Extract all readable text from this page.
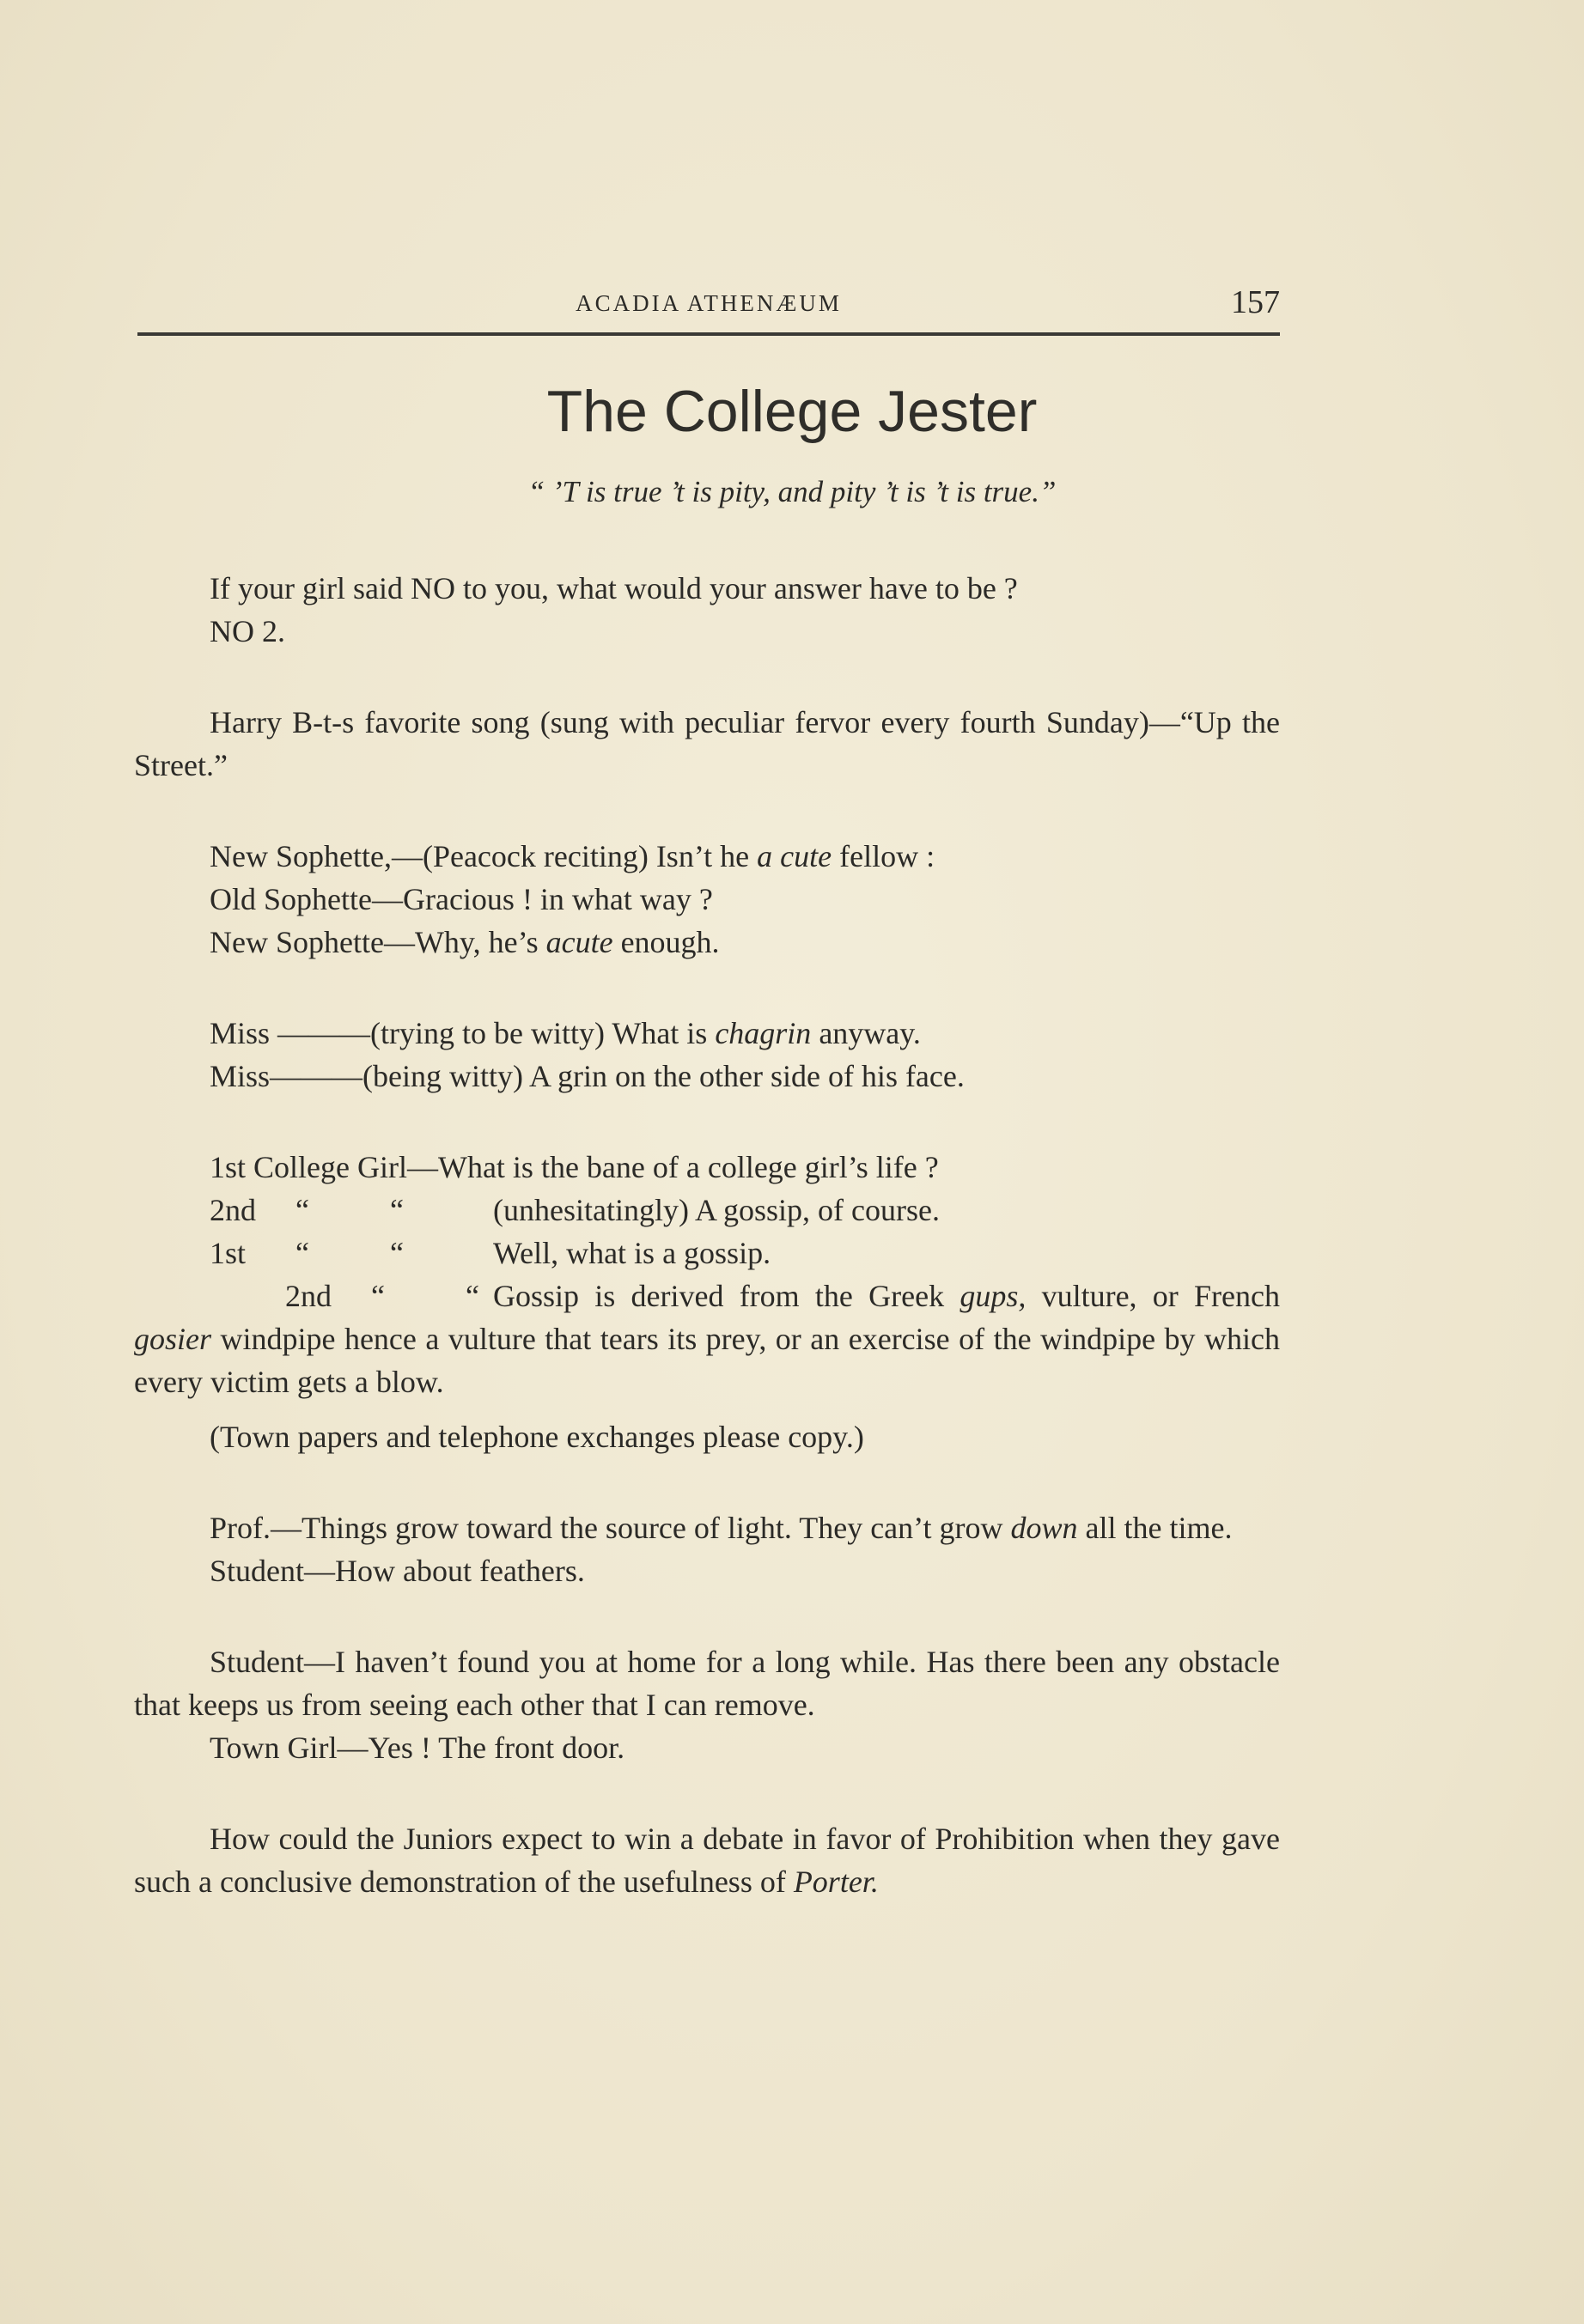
ACADIA ATHENÆUM	157
The College Jester
“ ’T is true ’t is pity, and pity ’t is ’t is true.”
If your girl said NO to you, what would your answer have to be ?
NO 2.

Harry B-t-s favorite song (sung with peculiar fervor every fourth Sunday)—“Up the Street.”

New Sophette,—(Peacock reciting) Isn’t he a cute fellow :
Old Sophette—Gracious ! in what way ?
New Sophette—Why, he’s acute enough.
Miss ———(trying to be witty) What is chagrin anyway.
Miss———(being witty) A grin on the other side of his face.
1st College Girl—What is the bane of a college girl’s life ?
2nd “	“	(unhesitatingly) A gossip, of course.
1st “	“	Well, what is a gossip.

2nd “	“ Gossip is derived from the Greek gups, vulture, or French gosier windpipe hence a vulture that tears its prey, or an exercise of the windpipe by which every victim gets a blow.

(Town papers and telephone exchanges please copy.)

Prof.—Things grow toward the source of light. They can’t grow down all the time.

Student—How about feathers.

Student—I haven’t found you at home for a long while. Has there been any obstacle that keeps us from seeing each other that I can remove.

Town Girl—Yes ! The front door.

How could the Juniors expect to win a debate in favor of Prohibition when they gave such a conclusive demonstration of the usefulness of Porter.
